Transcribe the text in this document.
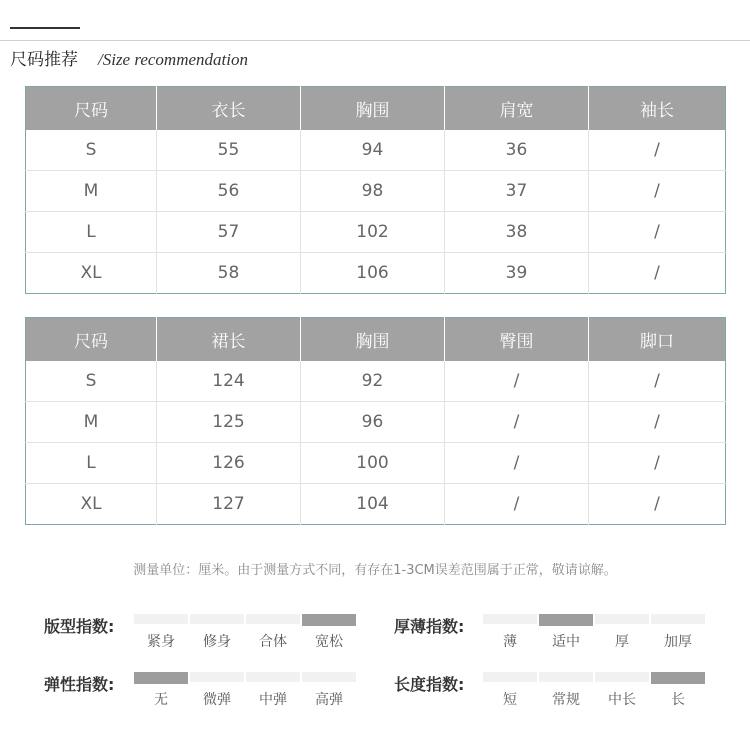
尺码推荐 /Size recommendation
尺码	衣长	胸围	肩宽	袖长
S	55	94	36	/
M	56	98	37	/
L	57	102	38	/
XL	58	106	39	/
尺码	裙长	胸围	臀围	脚口
S	124	92	/	/
M	125	96	/	/
L	126	100	/	/
XL	127	104	/	/
测量单位：厘米。由于测量方式不同，有存在1-3CM误差范围属于正常，敬请谅解。
版型指数:
紧身	修身	合体	宽松
厚薄指数:
薄	适中	厚	加厚
弹性指数:
无	微弹	中弹	高弹
长度指数:
短	常规	中长	长
